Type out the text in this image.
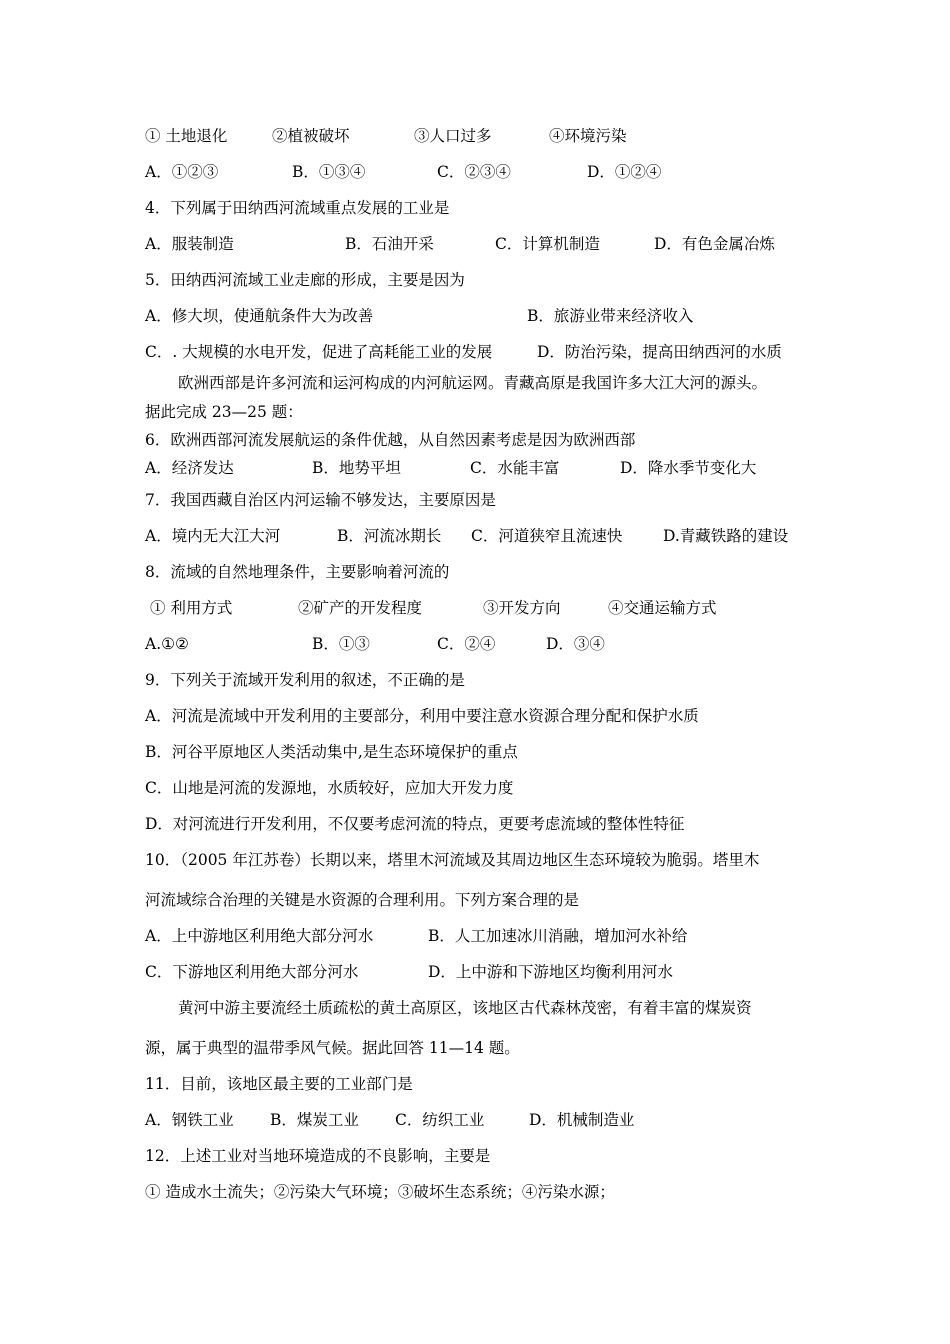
① 土地退化	②植被破坏	③人口过多	④环境污染
A．①②③	B．①③④	C．②③④	D．①②④
4．下列属于田纳西河流域重点发展的工业是
A．服装制造	B．石油开采	C．计算机制造	D．有色金属冶炼
5．田纳西河流域工业走廊的形成，主要是因为
A．修大坝，使通航条件大为改善	B．旅游业带来经济收入
C．. 大规模的水电开发，促进了高耗能工业的发展	D．防治污染，提高田纳西河的水质
欧洲西部是许多河流和运河构成的内河航运网。青藏高原是我国许多大江大河的源头。
据此完成 23—25 题：
6．欧洲西部河流发展航运的条件优越，从自然因素考虑是因为欧洲西部
A．经济发达	B．地势平坦	C．水能丰富	D．降水季节变化大
7．我国西藏自治区内河运输不够发达，主要原因是
A．境内无大江大河	B．河流冰期长 C．河道狭窄且流速快	D.青藏铁路的建设
8．流域的自然地理条件，主要影响着河流的
① 利用方式	②矿产的开发程度	③开发方向	④交通运输方式
A.①②	B．①③	C．②④	D．③④
9．下列关于流域开发利用的叙述，不正确的是
A．河流是流域中开发利用的主要部分，利用中要注意水资源合理分配和保护水质
B．河谷平原地区人类活动集中,是生态环境保护的重点
C．山地是河流的发源地，水质较好，应加大开发力度
D．对河流进行开发利用，不仅要考虑河流的特点，更要考虑流域的整体性特征
10．（2005 年江苏卷）长期以来，塔里木河流域及其周边地区生态环境较为脆弱。塔里木
河流域综合治理的关键是水资源的合理利用。下列方案合理的是
A．上中游地区利用绝大部分河水	B．人工加速冰川消融，增加河水补给
C．下游地区利用绝大部分河水	D．上中游和下游地区均衡利用河水
黄河中游主要流经土质疏松的黄土高原区，该地区古代森林茂密，有着丰富的煤炭资
源，属于典型的温带季风气候。据此回答 11—14 题。
11．目前，该地区最主要的工业部门是
A．钢铁工业 B．煤炭工业 C．纺织工业	D．机械制造业
12．上述工业对当地环境造成的不良影响，主要是
① 造成水土流失；②污染大气环境；③破坏生态系统；④污染水源；
